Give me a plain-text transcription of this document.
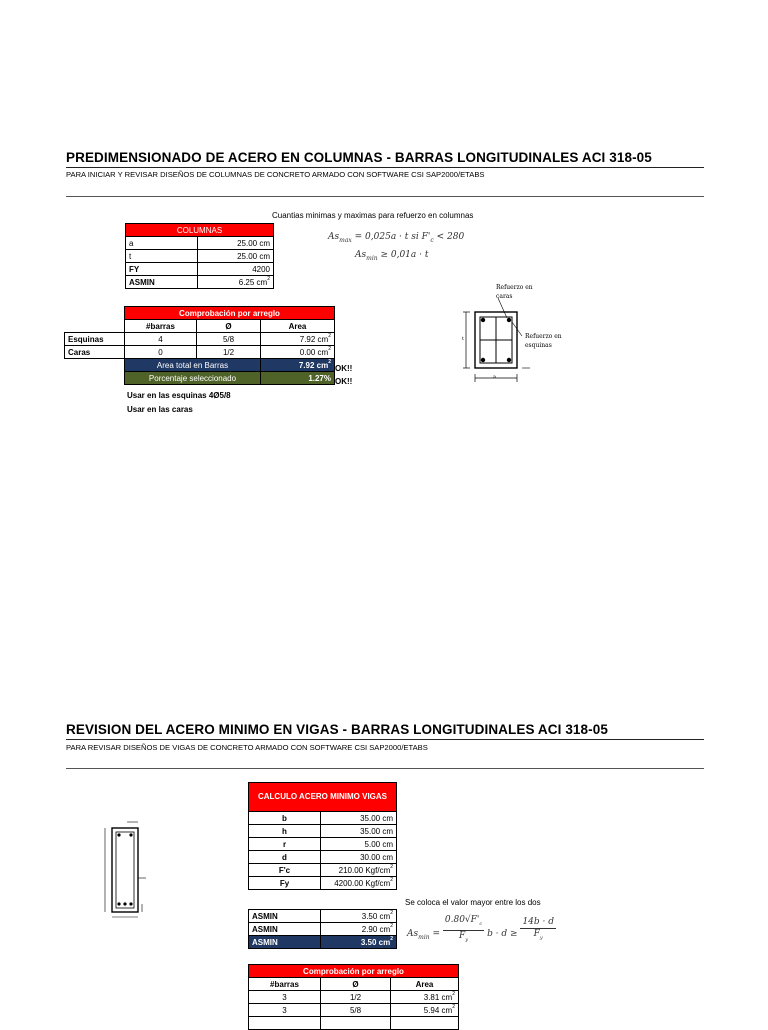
PREDIMENSIONADO DE ACERO EN COLUMNAS - BARRAS LONGITUDINALES ACI 318-05
PARA INICIAR Y REVISAR DISEÑOS DE COLUMNAS DE CONCRETO ARMADO CON SOFTWARE CSI SAP2000/ETABS
Cuantias minimas y maximas para refuerzo en columnas
$As_{max} = 0,025a \cdot t$ si $F'_c < 280$
$As_{min} \ge 0,01a \cdot t$
COLUMNAS	
a	25.00 cm
t	25.00 cm
FY	4200
ASMIN	6.25 $cm^2$
	Comprobación por arreglo		
	#barras	Ø	Area
Esquinas	4	5/8	7.92 $cm^2$
Caras	0	1/2	0.00 $cm^2$
	Area total en Barras		7.92 $cm^2$
	Porcentaje seleccionado		1.27%
OK!!
OK!!
Usar en las esquinas 4Ø5/8
Usar en las caras
Refuerzo en caras
Refuerzo en esquinas
t
a
REVISION DEL ACERO MINIMO EN VIGAS - BARRAS LONGITUDINALES ACI 318-05
PARA REVISAR DISEÑOS DE VIGAS DE CONCRETO ARMADO CON SOFTWARE CSI SAP2000/ETABS
CALCULO ACERO MINIMO VIGAS	
b	35.00 cm
h	35.00 cm
r	5.00 cm
d	30.00 cm
F'c	210.00 Kgf/$cm^2$
Fy	4200.00 Kgf/$cm^2$
ASMIN	3.50 $cm^2$
ASMIN	2.90 $cm^2$
ASMIN	3.50 $cm^2$
Se coloca el valor mayor entre los dos
$As_{min} = \frac{0.80√F'_c}{F_y}$ $b \cdot d \ge \frac{14b \cdot d}{F_y}$
Comprobación por arreglo		
#barras	Ø	Area
3	1/2	3.81 $cm^2$
3	5/8	5.94 $cm^2$
